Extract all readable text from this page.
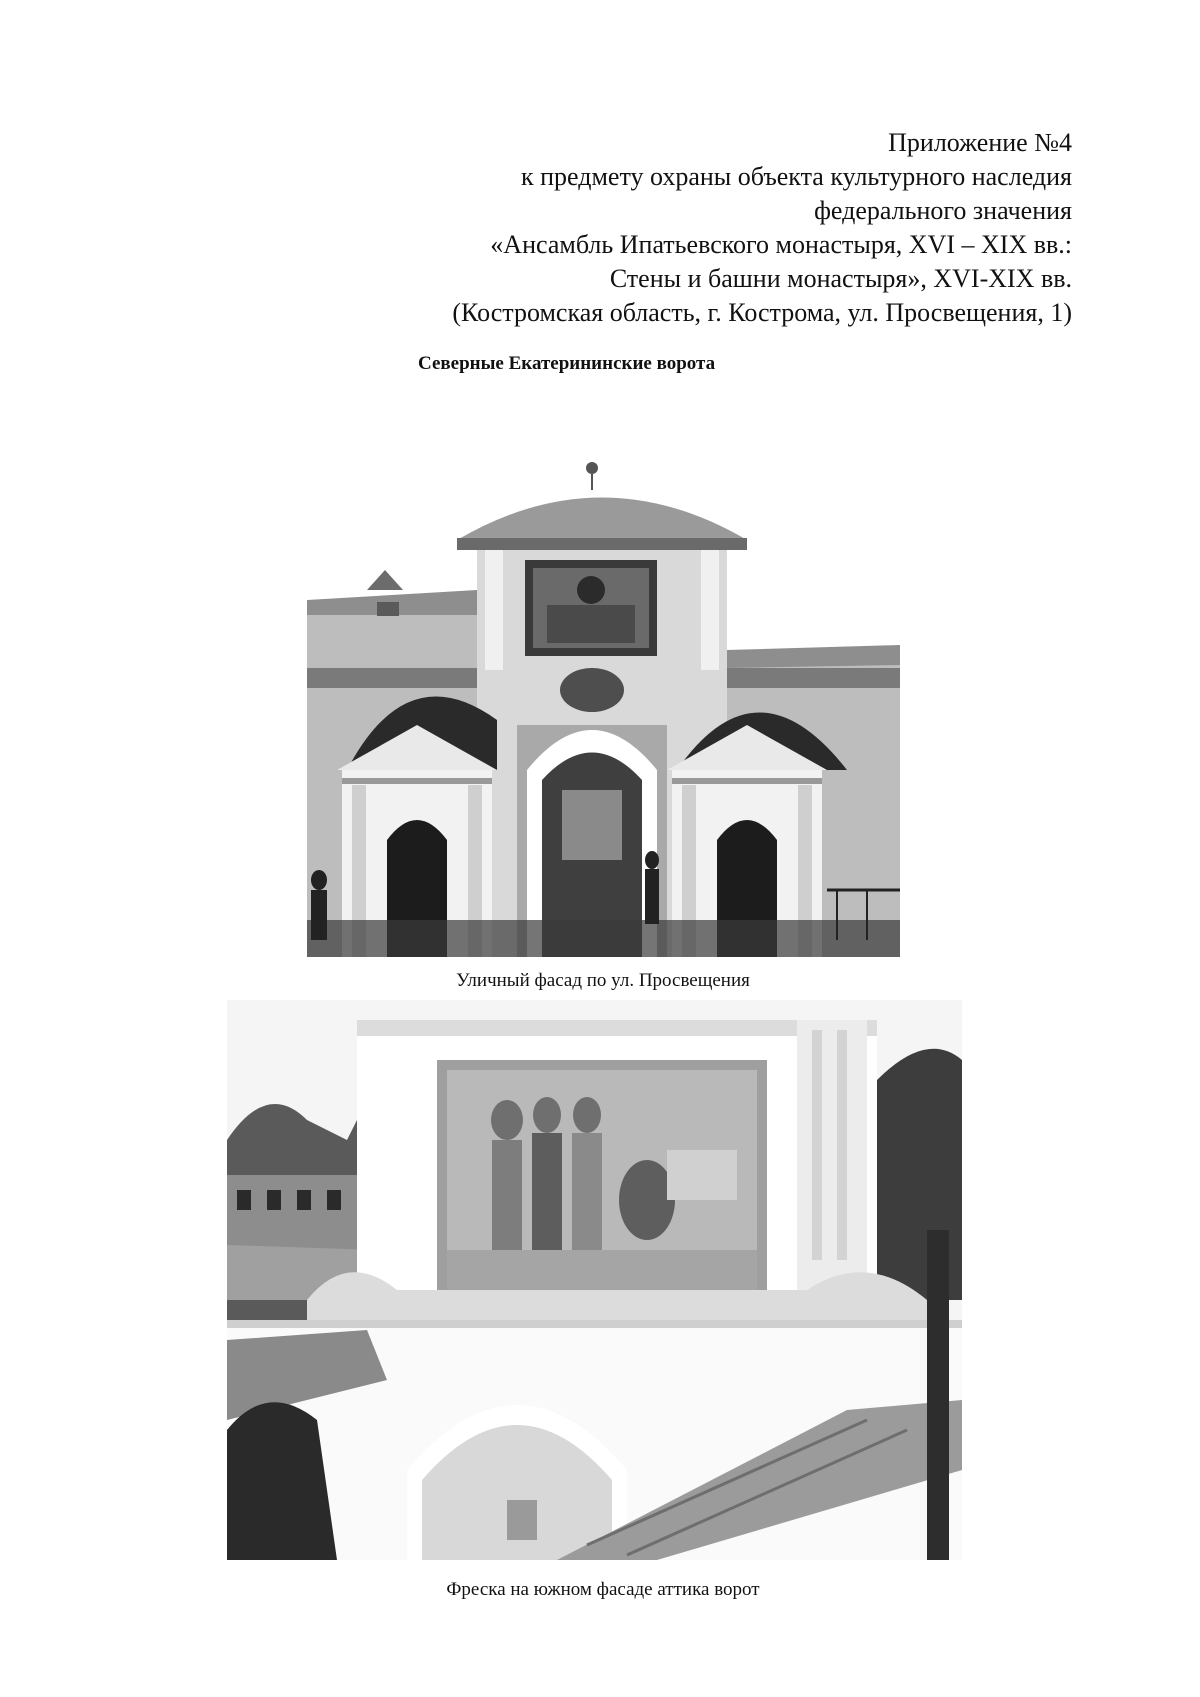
Приложение №4
к предмету охраны объекта культурного наследия
федерального значения
«Ансамбль Ипатьевского монастыря, XVI – XIX вв.:
Стены и башни монастыря», XVI-XIX вв.
(Костромская область, г. Кострома, ул. Просвещения, 1)
Северные Екатерининские ворота
Уличный фасад по ул. Просвещения
Фреска на южном фасаде аттика ворот
